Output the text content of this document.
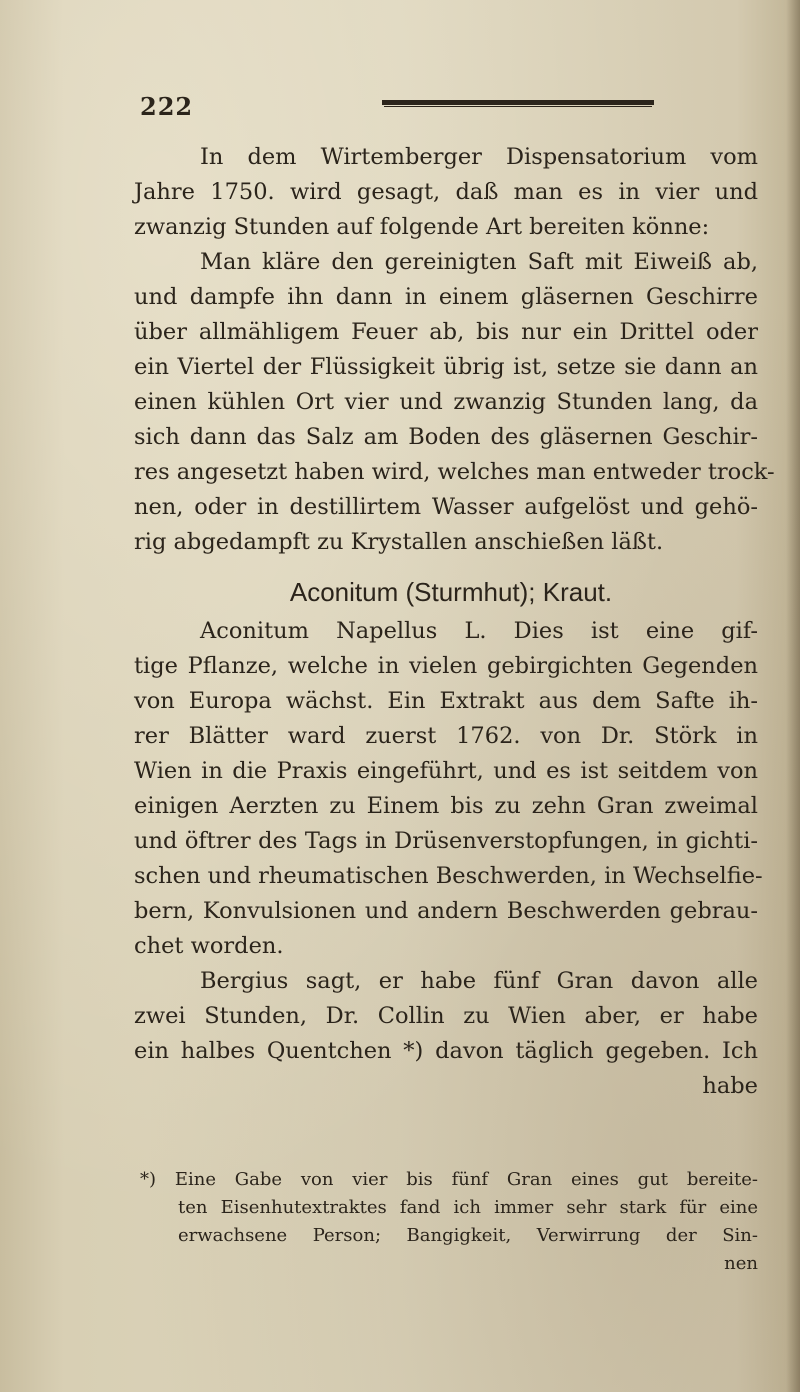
222
In dem Wirtemberger Dispensatorium vom
Jahre 1750. wird gesagt, daß man es in vier und
zwanzig Stunden auf folgende Art bereiten könne:
Man kläre den gereinigten Saft mit Eiweiß ab,
und dampfe ihn dann in einem gläsernen Geschirre
über allmähligem Feuer ab, bis nur ein Drittel oder
ein Viertel der Flüssigkeit übrig ist, setze sie dann an
einen kühlen Ort vier und zwanzig Stunden lang, da
sich dann das Salz am Boden des gläsernen Geschir-
res angesetzt haben wird, welches man entweder trock-
nen, oder in destillirtem Wasser aufgelöst und gehö-
rig abgedampft zu Krystallen anschießen läßt.
Aconitum (Sturmhut); Kraut.
Aconitum Napellus L. Dies ist eine gif-
tige Pflanze, welche in vielen gebirgichten Gegenden
von Europa wächst. Ein Extrakt aus dem Safte ih-
rer Blätter ward zuerst 1762. von Dr. Störk in
Wien in die Praxis eingeführt, und es ist seitdem von
einigen Aerzten zu Einem bis zu zehn Gran zweimal
und öftrer des Tags in Drüsenverstopfungen, in gichti-
schen und rheumatischen Beschwerden, in Wechselfie-
bern, Konvulsionen und andern Beschwerden gebrau-
chet worden.
Bergius sagt, er habe fünf Gran davon alle
zwei Stunden, Dr. Collin zu Wien aber, er habe
ein halbes Quentchen *) davon täglich gegeben. Ich
habe
*) Eine Gabe von vier bis fünf Gran eines gut bereite-
ten Eisenhutextraktes fand ich immer sehr stark für eine
erwachsene Person; Bangigkeit, Verwirrung der Sin-
nen
